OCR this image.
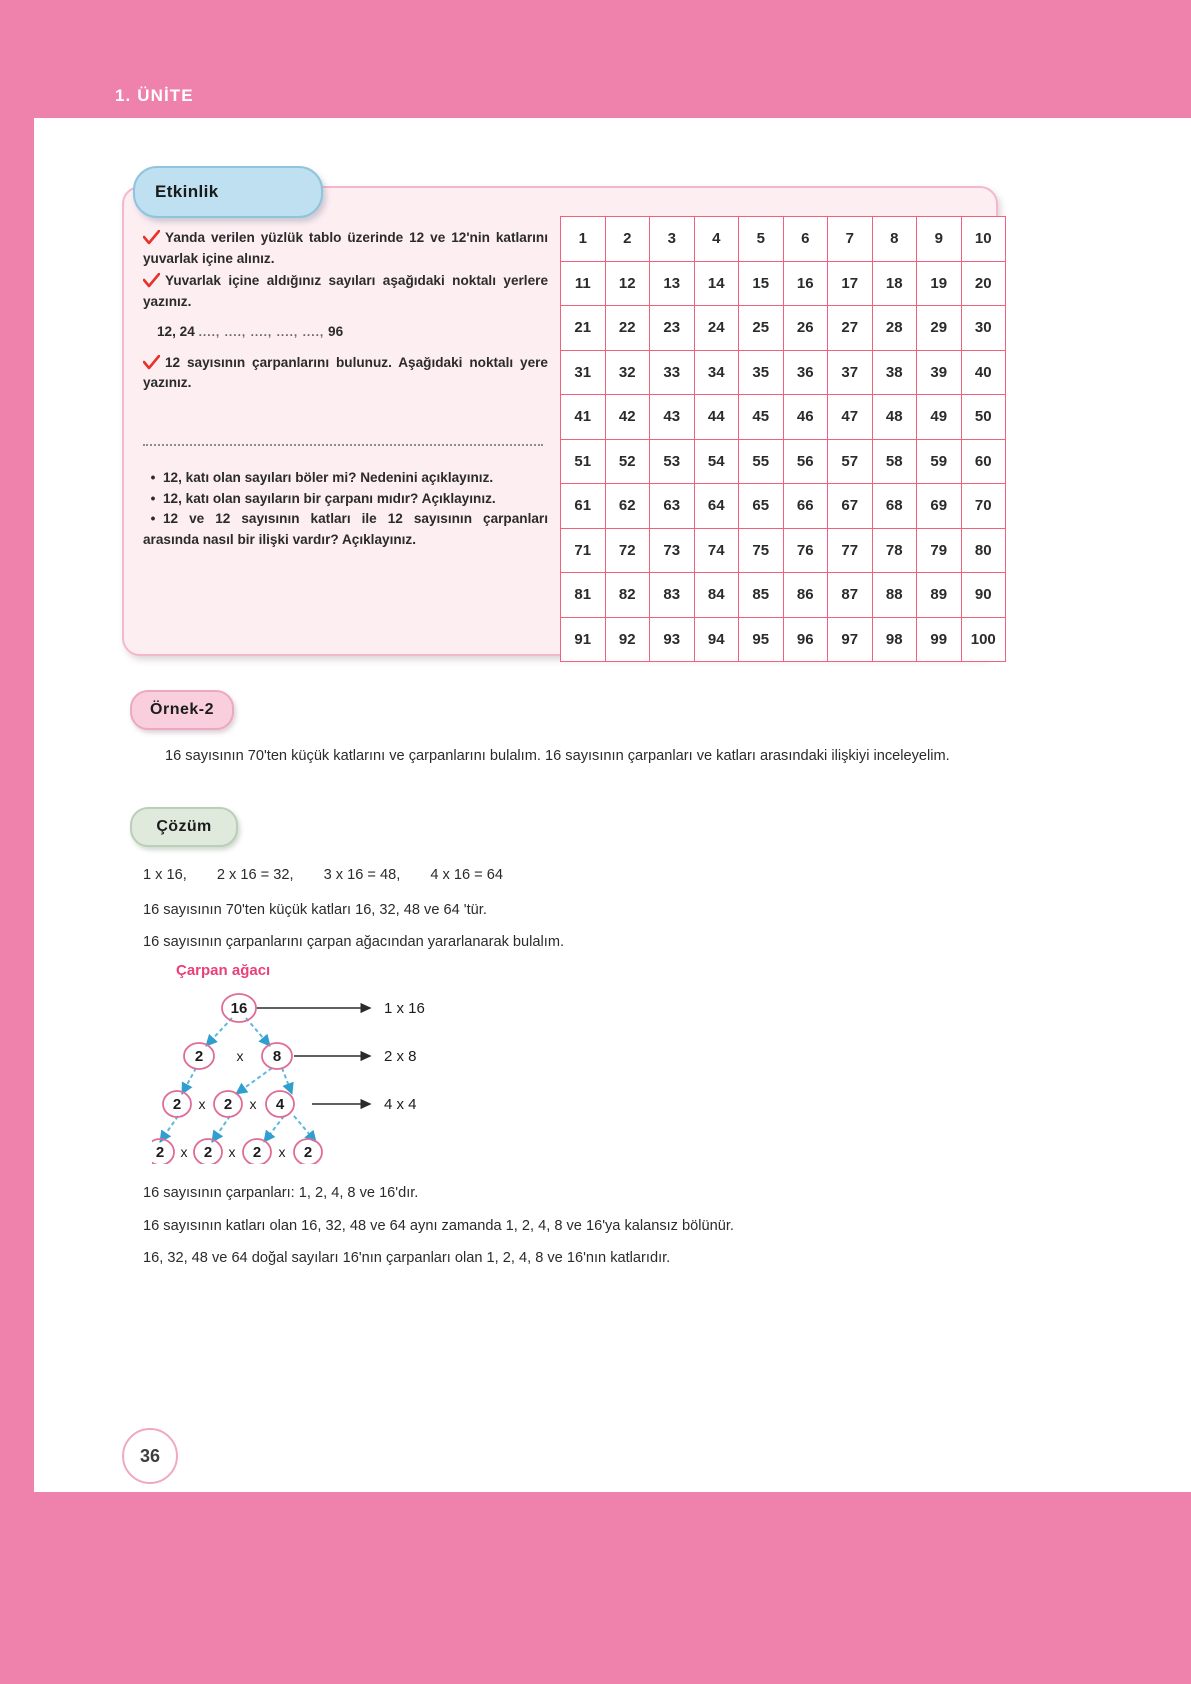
1. ÜNİTE
36
Etkinlik

Yanda verilen yüzlük tablo üzerinde 12 ve 12'nin katlarını yuvarlak içine alınız.

Yuvarlak içine aldığınız sayıları aşağıdaki noktalı yerlere yazınız.

12, 24 ...., ...., ...., ...., ...., 96

12 sayısının çarpanlarını bulunuz. Aşağıdaki noktalı yere yazınız.

• 12, katı olan sayıları böler mi? Nedenini açıklayınız.

• 12, katı olan sayıların bir çarpanı mıdır? Açıklayınız.

• 12 ve 12 sayısının katları ile 12 sayısının çarpanları arasında nasıl bir ilişki vardır? Açıklayınız.

1	2	3	4	5	6	7	8	9	10
11	12	13	14	15	16	17	18	19	20
21	22	23	24	25	26	27	28	29	30
31	32	33	34	35	36	37	38	39	40
41	42	43	44	45	46	47	48	49	50
51	52	53	54	55	56	57	58	59	60
61	62	63	64	65	66	67	68	69	70
71	72	73	74	75	76	77	78	79	80
81	82	83	84	85	86	87	88	89	90
91	92	93	94	95	96	97	98	99	100
Örnek-2
16 sayısının 70'ten küçük katlarını ve çarpanlarını bulalım. 16 sayısının çarpanları ve katları arasındaki ilişkiyi inceleyelim.
Çözüm
1 x 16, 2 x 16 = 32, 3 x 16 = 48, 4 x 16 = 64
16 sayısının 70'ten küçük katları 16, 32, 48 ve 64 'tür.
16 sayısının çarpanlarını çarpan ağacından yararlanarak bulalım.
Çarpan ağacı
16	1 x 16
2 x 8	2 x 8
2 x 2 x 4	4 x 4
2 x 2 x 2 x 2
16 sayısının çarpanları: 1, 2, 4, 8 ve 16'dır.
16 sayısının katları olan 16, 32, 48 ve 64 aynı zamanda 1, 2, 4, 8 ve 16'ya kalansız bölünür.
16, 32, 48 ve 64 doğal sayıları 16'nın çarpanları olan 1, 2, 4, 8 ve 16'nın katlarıdır.
